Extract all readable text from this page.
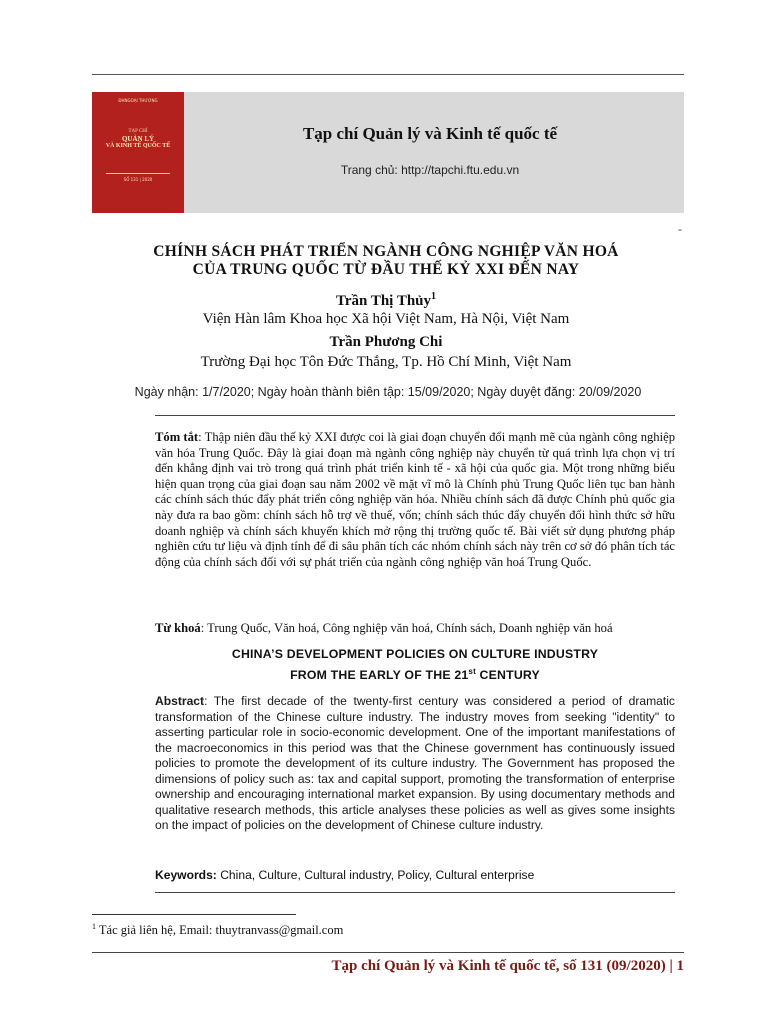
ĐHNGOẠI THƯƠNG
TẠP CHÍ
QUẢN LÝ
VÀ KINH TẾ QUỐC TẾ
SỐ 131 | 2020
Tạp chí Quản lý và Kinh tế quốc tế
Trang chủ: http://tapchi.ftu.edu.vn
-
CHÍNH SÁCH PHÁT TRIỂN NGÀNH CÔNG NGHIỆP VĂN HOÁ
CỦA TRUNG QUỐC TỪ ĐẦU THẾ KỶ XXI ĐẾN NAY
Trần Thị Thủy$^1$
Viện Hàn lâm Khoa học Xã hội Việt Nam, Hà Nội, Việt Nam
Trần Phương Chi
Trường Đại học Tôn Đức Thắng, Tp. Hồ Chí Minh, Việt Nam
Ngày nhận: 1/7/2020; Ngày hoàn thành biên tập: 15/09/2020; Ngày duyệt đăng: 20/09/2020
Tóm tắt: Thập niên đầu thế kỷ XXI được coi là giai đoạn chuyển đổi mạnh mẽ của ngành công nghiệp văn hóa Trung Quốc. Đây là giai đoạn mà ngành công nghiệp này chuyển từ quá trình lựa chọn vị trí đến khẳng định vai trò trong quá trình phát triển kinh tế - xã hội của quốc gia. Một trong những biểu hiện quan trọng của giai đoạn sau năm 2002 về mặt vĩ mô là Chính phủ Trung Quốc liên tục ban hành các chính sách thúc đẩy phát triển công nghiệp văn hóa. Nhiều chính sách đã được Chính phủ quốc gia này đưa ra bao gồm: chính sách hỗ trợ về thuế, vốn; chính sách thúc đẩy chuyển đổi hình thức sở hữu doanh nghiệp và chính sách khuyến khích mở rộng thị trường quốc tế. Bài viết sử dụng phương pháp nghiên cứu tư liệu và định tính để đi sâu phân tích các nhóm chính sách này trên cơ sở đó phân tích tác động của chính sách đối với sự phát triển của ngành công nghiệp văn hoá Trung Quốc.
Từ khoá: Trung Quốc, Văn hoá, Công nghiệp văn hoá, Chính sách, Doanh nghiệp văn hoá
CHINA’S DEVELOPMENT POLICIES ON CULTURE INDUSTRY
FROM THE EARLY OF THE 21st CENTURY
Abstract: The first decade of the twenty-first century was considered a period of dramatic transformation of the Chinese culture industry. The industry moves from seeking "identity" to asserting particular role in socio-economic development. One of the important manifestations of the macroeconomics in this period was that the Chinese government has continuously issued policies to promote the development of its culture industry. The Government has proposed the dimensions of policy such as: tax and capital support, promoting the transformation of enterprise ownership and encouraging international market expansion. By using documentary methods and qualitative research methods, this article analyses these policies as well as gives some insights on the impact of policies on the development of Chinese culture industry.
Keywords: China, Culture, Cultural industry, Policy, Cultural enterprise
$^1$ Tác giả liên hệ, Email: thuytranvass@gmail.com
Tạp chí Quản lý và Kinh tế quốc tế, số 131 (09/2020) | 1
